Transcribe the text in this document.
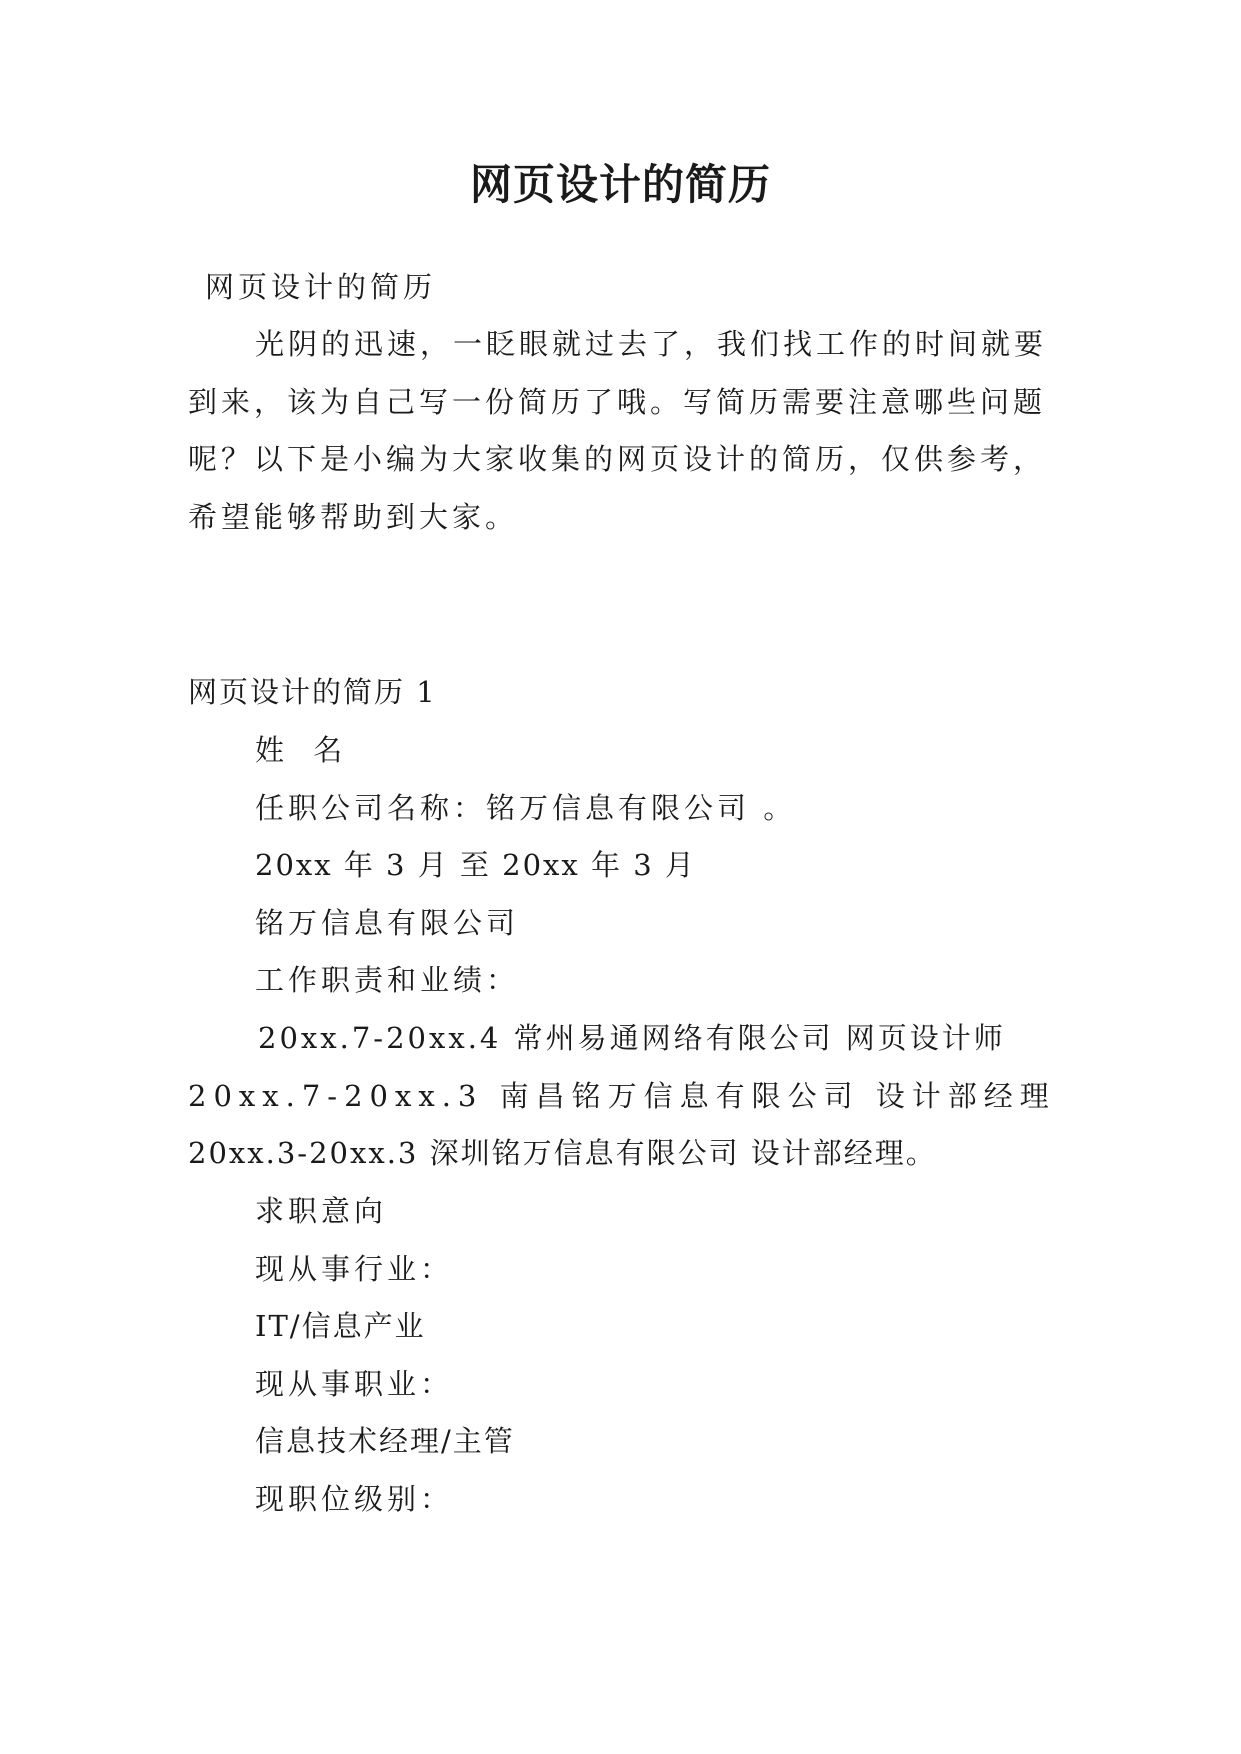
网页设计的简历
网页设计的简历
光阴的迅速，一眨眼就过去了，我们找工作的时间就要
到来，该为自己写一份简历了哦。写简历需要注意哪些问题
呢？以下是小编为大家收集的网页设计的简历，仅供参考，
希望能够帮助到大家。
网页设计的简历 1
姓 名
任职公司名称：铭万信息有限公司 。
20xx 年 3 月 至 20xx 年 3 月
铭万信息有限公司
工作职责和业绩：
20xx.7-20xx.4 常州易通网络有限公司 网页设计师
20xx.7-20xx.3 南昌铭万信息有限公司 设计部经理
20xx.3-20xx.3 深圳铭万信息有限公司 设计部经理。
求职意向
现从事行业：
IT/信息产业
现从事职业：
信息技术经理/主管
现职位级别：
